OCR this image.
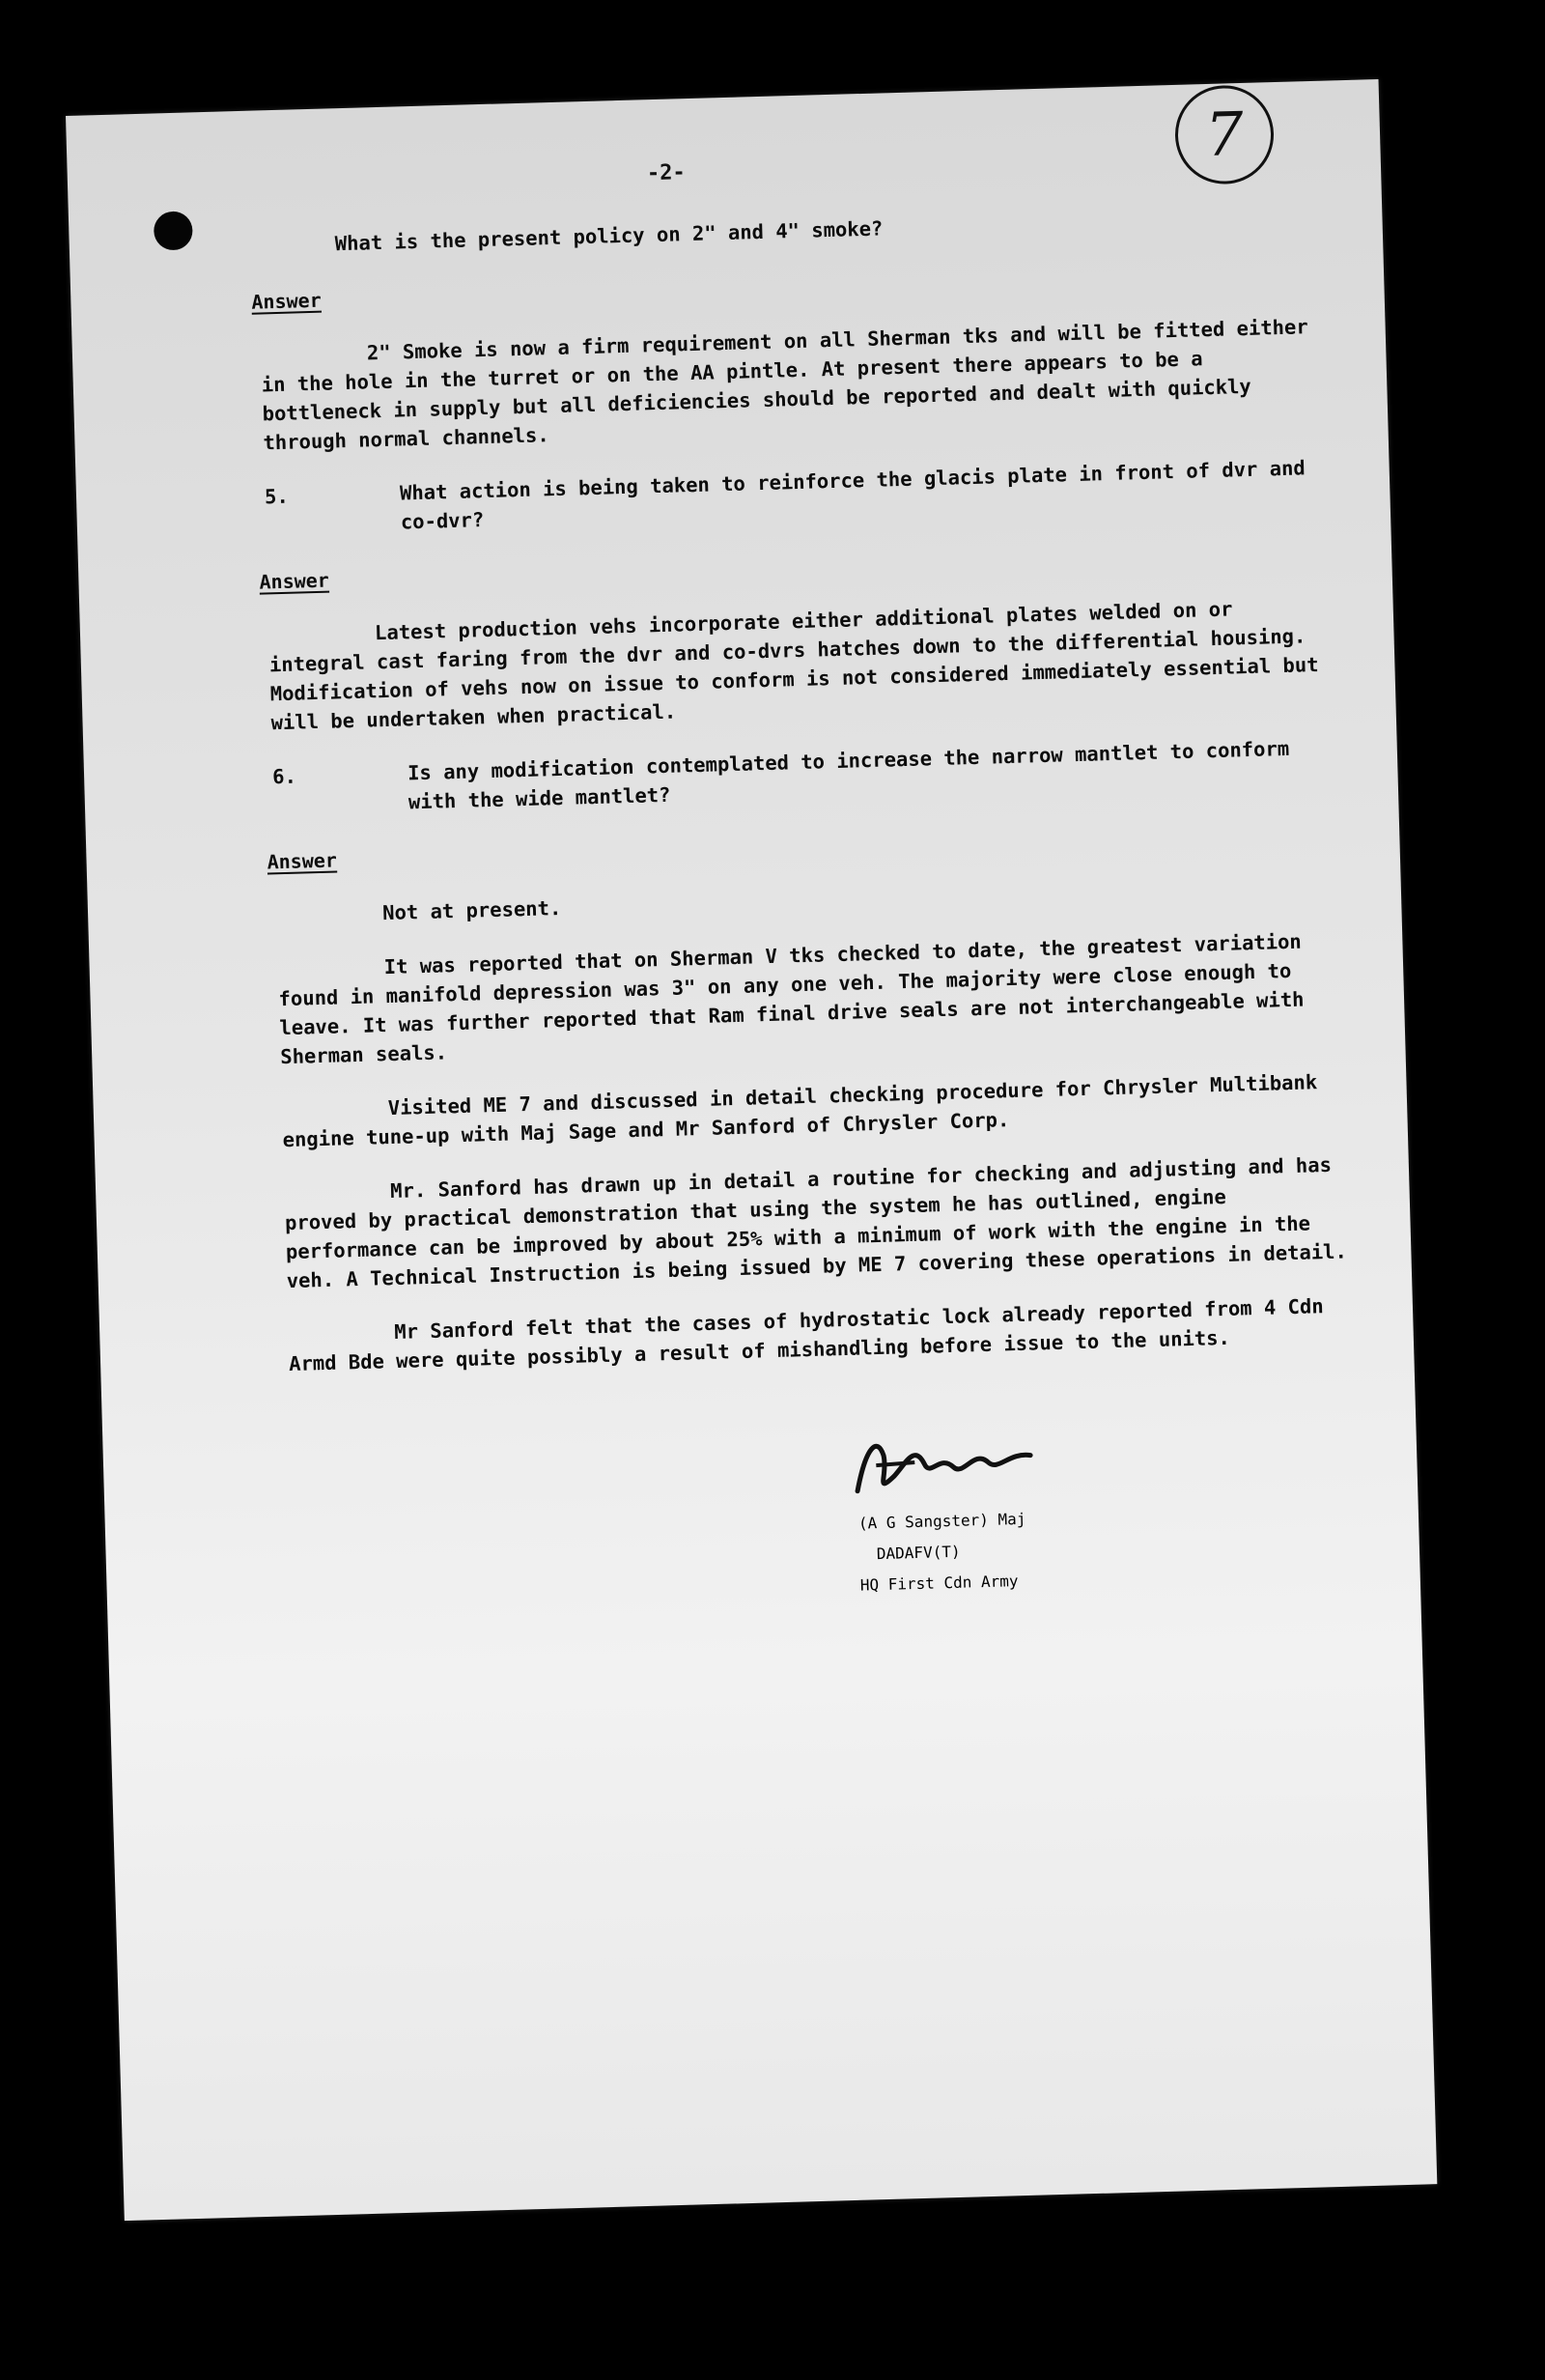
7
-2-

What is the present policy on 2" and 4" smoke?

Answer

2" Smoke is now a firm requirement on all Sherman tks and will be fitted either in the hole in the turret or on the AA pintle. At present there appears to be a bottleneck in supply but all deficiencies should be reported and dealt with quickly through normal channels.

5.	What action is being taken to reinforce the glacis plate in front of dvr and co-dvr?
Answer

Latest production vehs incorporate either additional plates welded on or integral cast faring from the dvr and co-dvrs hatches down to the differential housing. Modification of vehs now on issue to conform is not considered immediately essential but will be undertaken when practical.

6.	Is any modification contemplated to increase the narrow mantlet to conform with the wide mantlet?
Answer

Not at present.

It was reported that on Sherman V tks checked to date, the greatest variation found in manifold depression was 3" on any one veh. The majority were close enough to leave. It was further reported that Ram final drive seals are not interchangeable with Sherman seals.

Visited ME 7 and discussed in detail checking procedure for Chrysler Multibank engine tune-up with Maj Sage and Mr Sanford of Chrysler Corp.

Mr. Sanford has drawn up in detail a routine for checking and adjusting and has proved by practical demonstration that using the system he has outlined, engine performance can be improved by about 25% with a minimum of work with the engine in the veh. A Technical Instruction is being issued by ME 7 covering these operations in detail.

Mr Sanford felt that the cases of hydrostatic lock already reported from 4 Cdn Armd Bde were quite possibly a result of mishandling before issue to the units.

(A G Sangster) Maj

DADAFV(T)

HQ First Cdn Army
